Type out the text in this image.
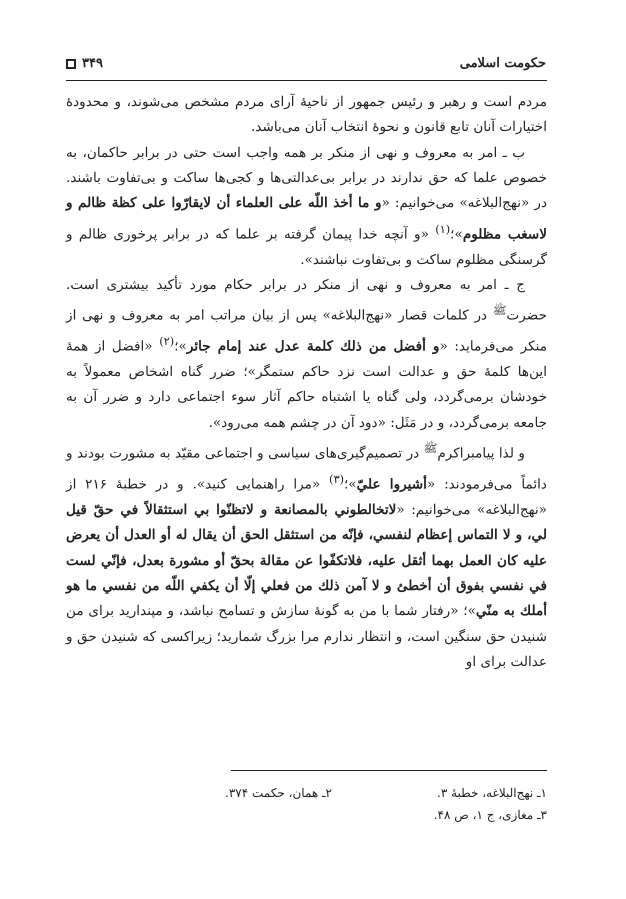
حکومت اسلامی
۳۴۹

مردم است و رهبر و رئیس جمهور از ناحیهٔ آرای مردم مشخص می‌شوند، و محدودهٔ اختیارات آنان تابع قانون و نحوهٔ انتخاب آنان می‌باشد.

ب ـ امر به معروف و نهی از منکر بر همه واجب است حتی در برابر حاکمان، به خصوص علما که حق ندارند در برابر بی‌عدالتی‌ها و کجی‌ها ساکت و بی‌تفاوت باشند. در «نهج‌البلاغه» می‌خوانیم: «و ما أخذ اللّه على العلماء أن لايقارّوا على كظة ظالم و لاسغب مظلوم»؛$^{(۱)}$ «و آنچه خدا پیمان گرفته بر علما که در برابر پرخوری ظالم و گرسنگی مظلوم ساکت و بی‌تفاوت نباشند».

ج ـ امر به معروف و نهی از منکر در برابر حکام مورد تأکید بیشتری است. حضرت$^ﷺ$ در کلمات قصار «نهج‌البلاغه» پس از بیان مراتب امر به معروف و نهی از منکر می‌فرماید: «و أفضل من ذلك كلمة عدل عند إمام جائر»؛$^{(۲)}$ «افضل از همهٔ این‌ها کلمهٔ حق و عدالت است نزد حاکم ستمگر»؛ ضرر گناه اشخاص معمولاً به خودشان برمی‌گردد، ولی گناه یا اشتباه حاکم آثار سوء اجتماعی دارد و ضرر آن به جامعه برمی‌گردد، و در مَثَل: «دود آن در چشم همه می‌رود».

و لذا پیامبراکرم$^ﷺ$ در تصمیم‌گیری‌های سیاسی و اجتماعی مقیّد به مشورت بودند و دائماً می‌فرمودند: «أشيروا عليّ»؛$^{(۳)}$ «مرا راهنمایی کنید». و در خطبهٔ ۲۱۶ از «نهج‌البلاغه» می‌خوانیم: «لاتخالطوني بالمصانعة و لاتظنّوا بي استثقالاً في حقّ قيل لي، و لا التماس إعظام لنفسي، فإنّه من استثقل الحق أن يقال له أو العدل أن يعرض عليه كان العمل بهما أثقل عليه، فلاتكفّوا عن مقالة بحقّ أو مشورة بعدل، فإنّي لست في نفسي بفوق أن أخطئ و لا آمن ذلك من فعلي إلّا أن يكفي اللّه من نفسي ما هو أملك به منّي»؛ «رفتار شما با من به گونهٔ سازش و تسامح نباشد، و مپندارید برای من شنیدن حق سنگین است، و انتظار ندارم مرا بزرگ شمارید؛ زیراکسی که شنیدن حق و عدالت برای او

۱ـ نهج‌البلاغه، خطبهٔ ۳.
۲ـ همان، حکمت ۳۷۴.
۳ـ مغازی، ج ۱، ص ۴۸.
